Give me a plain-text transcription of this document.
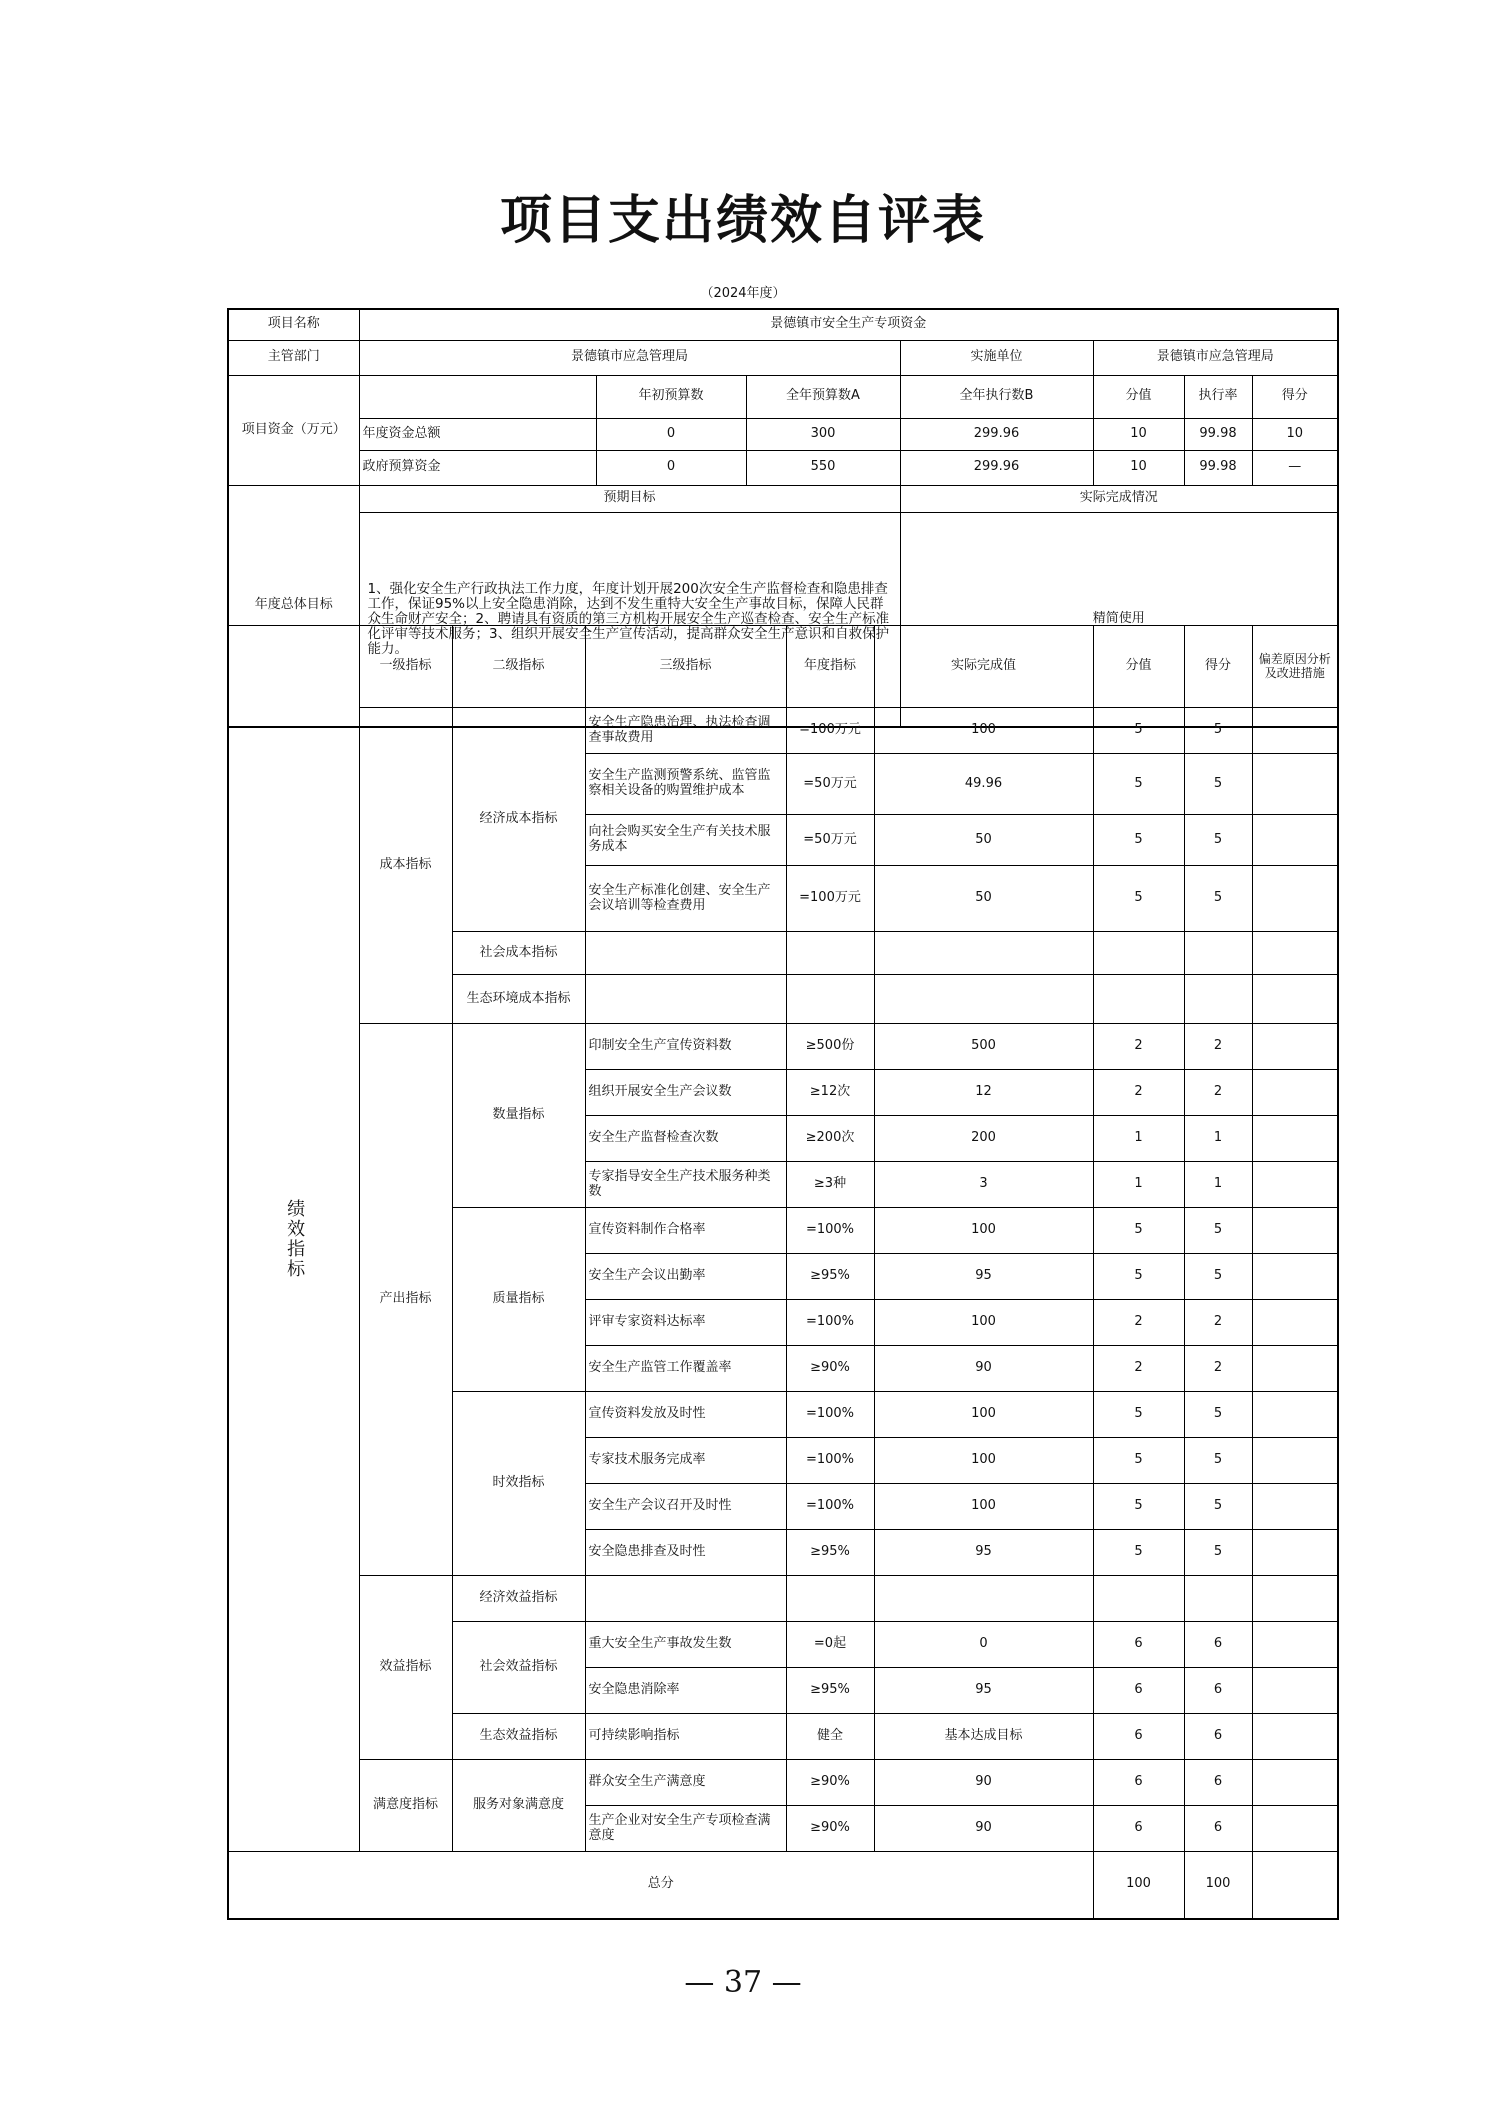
项目支出绩效自评表
（2024年度）
项目名称	景德镇市安全生产专项资金						
主管部门	景德镇市应急管理局			实施单位	景德镇市应急管理局		
项目资金（万元）		年初预算数	全年预算数A	全年执行数B	分值	执行率	得分
	年度资金总额	0	300	299.96	10	99.98	10
	政府预算资金	0	550	299.96	10	99.98	—
年度总体目标	预期目标			实际完成情况			
	1、强化安全生产行政执法工作力度，年度计划开展200次安全生产监督检查和隐患排查工作，保证95%以上安全隐患消除，达到不发生重特大安全生产事故目标，保障人民群众生命财产安全；2、聘请具有资质的第三方机构开展安全生产巡查检查、安全生产标准化评审等技术服务；3、组织开展安全生产宣传活动，提高群众安全生产意识和自救保护能力。			精简使用			
绩效指标	一级指标	二级指标	三级指标	年度指标	实际完成值	分值	得分	偏差原因分析及改进措施
	成本指标	经济成本指标	安全生产隐患治理、执法检查调查事故费用	=100万元	100	5	5	
			安全生产监测预警系统、监管监察相关设备的购置维护成本	=50万元	49.96	5	5	
			向社会购买安全生产有关技术服务成本	=50万元	50	5	5	
			安全生产标准化创建、安全生产会议培训等检查费用	=100万元	50	5	5	
		社会成本指标						
		生态环境成本指标						
	产出指标	数量指标	印制安全生产宣传资料数	≥500份	500	2	2	
			组织开展安全生产会议数	≥12次	12	2	2	
			安全生产监督检查次数	≥200次	200	1	1	
			专家指导安全生产技术服务种类数	≥3种	3	1	1	
		质量指标	宣传资料制作合格率	=100%	100	5	5	
			安全生产会议出勤率	≥95%	95	5	5	
			评审专家资料达标率	=100%	100	2	2	
			安全生产监管工作覆盖率	≥90%	90	2	2	
		时效指标	宣传资料发放及时性	=100%	100	5	5	
			专家技术服务完成率	=100%	100	5	5	
			安全生产会议召开及时性	=100%	100	5	5	
			安全隐患排查及时性	≥95%	95	5	5	
	效益指标	经济效益指标						
		社会效益指标	重大安全生产事故发生数	=0起	0	6	6	
			安全隐患消除率	≥95%	95	6	6	
		生态效益指标	可持续影响指标	健全	基本达成目标	6	6	
	满意度指标	服务对象满意度	群众安全生产满意度	≥90%	90	6	6	
			生产企业对安全生产专项检查满意度	≥90%	90	6	6	
总分						100	100	
— 37 —
